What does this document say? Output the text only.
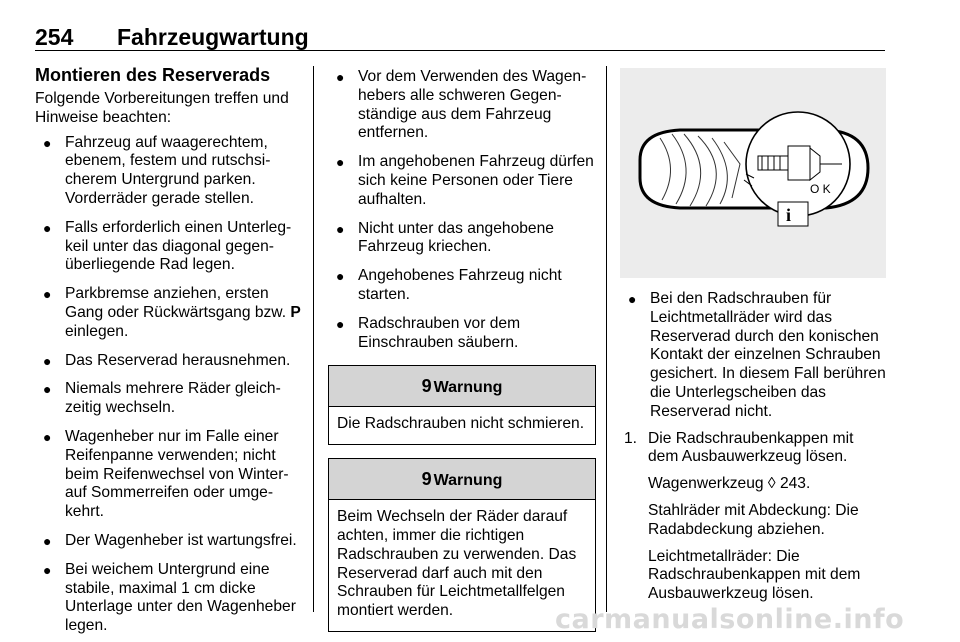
254 Fahrzeugwartung
Montieren des Reserverads

Folgende Vorbereitungen treffen und Hinweise beachten:

● Fahrzeug auf waagerechtem, ebenem, festem und rutschsicherem Untergrund parken. Vorderräder gerade stellen.
● Falls erforderlich einen Unterlegkeil unter das diagonal gegenüberliegende Rad legen.
● Parkbremse anziehen, ersten Gang oder Rückwärtsgang bzw. P einlegen.
● Das Reserverad herausnehmen.
● Niemals mehrere Räder gleichzeitig wechseln.
● Wagenheber nur im Falle einer Reifenpanne verwenden; nicht beim Reifenwechsel von Winter- auf Sommerreifen oder umgekehrt.
● Der Wagenheber ist wartungsfrei.
● Bei weichem Untergrund eine stabile, maximal 1 cm dicke Unterlage unter den Wagenheber legen.
● Vor dem Verwenden des Wagenhebers alle schweren Gegenständige aus dem Fahrzeug entfernen.
● Im angehobenen Fahrzeug dürfen sich keine Personen oder Tiere aufhalten.
● Nicht unter das angehobene Fahrzeug kriechen.
● Angehobenes Fahrzeug nicht starten.
● Radschrauben vor dem Einschrauben säubern.
9 Warnung
Die Radschrauben nicht schmieren.
9 Warnung
Beim Wechseln der Räder darauf achten, immer die richtigen Radschrauben zu verwenden. Das Reserverad darf auch mit den Schrauben für Leichtmetallfelgen montiert werden.
O K
i
● Bei den Radschrauben für Leichtmetallräder wird das Reserverad durch den konischen Kontakt der einzelnen Schrauben gesichert. In diesem Fall berühren die Unterlegscheiben das Reserverad nicht.
1. Die Radschraubenkappen mit dem Ausbauwerkzeug lösen.
Wagenwerkzeug ◊ 243.
Stahlräder mit Abdeckung: Die Radabdeckung abziehen.
Leichtmetallräder: Die Radschraubenkappen mit dem Ausbauwerkzeug lösen.
carmanualsonline.info
